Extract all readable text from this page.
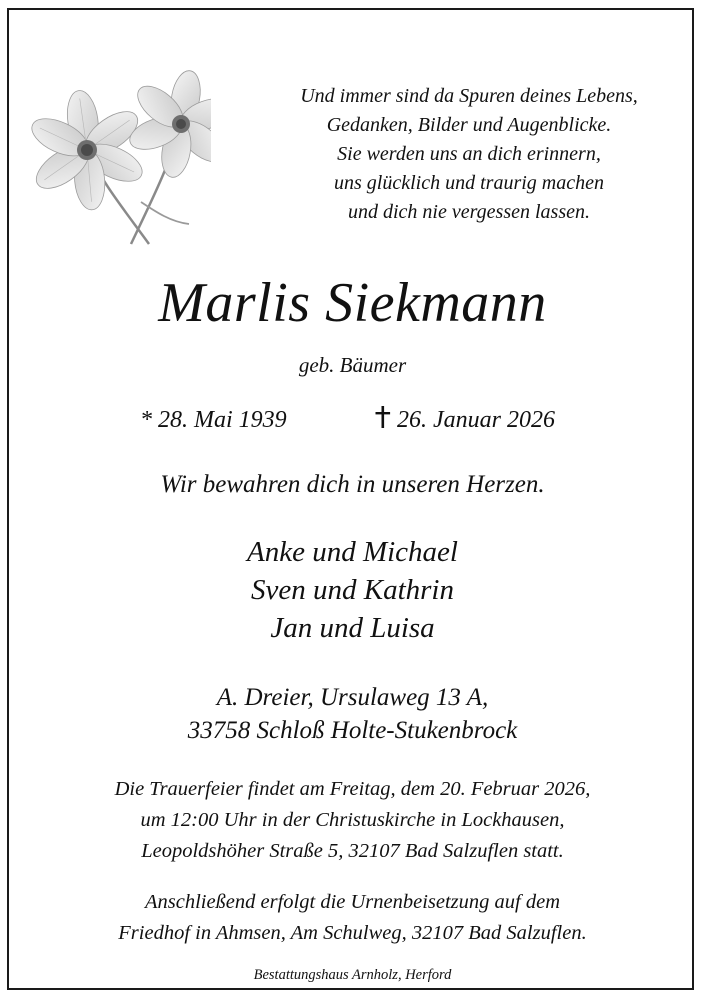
Und immer sind da Spuren deines Lebens,
Gedanken, Bilder und Augenblicke.
Sie werden uns an dich erinnern,
uns glücklich und traurig machen
und dich nie vergessen lassen.
Marlis Siekmann
geb. Bäumer
* 28. Mai 1939	26. Januar 2026
Wir bewahren dich in unseren Herzen.
Anke und Michael
Sven und Kathrin
Jan und Luisa
A. Dreier, Ursulaweg 13 A,
33758 Schloß Holte-Stukenbrock
Die Trauerfeier findet am Freitag, dem 20. Februar 2026,
um 12:00 Uhr in der Christuskirche in Lockhausen,
Leopoldshöher Straße 5, 32107 Bad Salzuflen statt.
Anschließend erfolgt die Urnenbeisetzung auf dem
Friedhof in Ahmsen, Am Schulweg, 32107 Bad Salzuflen.
Bestattungshaus Arnholz, Herford
